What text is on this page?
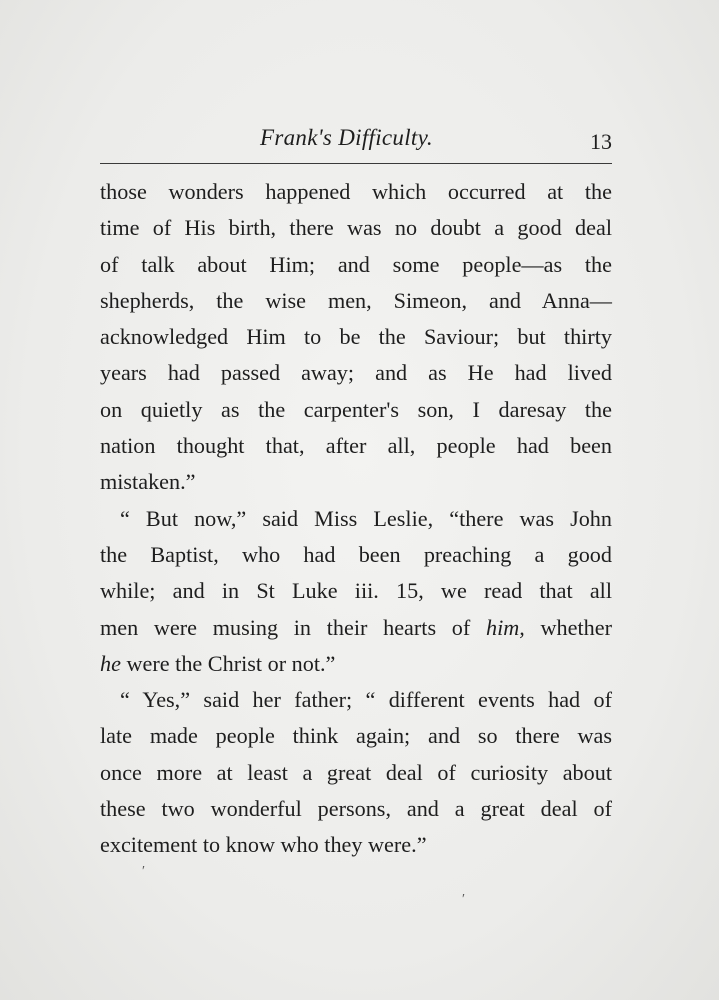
Frank's Difficulty.	13
those wonders happened which occurred at the
time of His birth, there was no doubt a good deal
of talk about Him; and some people—as the
shepherds, the wise men, Simeon, and Anna—
acknowledged Him to be the Saviour; but thirty
years had passed away; and as He had lived
on quietly as the carpenter's son, I daresay the
nation thought that, after all, people had been
mistaken.”
“ But now,” said Miss Leslie, “there was John
the Baptist, who had been preaching a good
while; and in St Luke iii. 15, we read that all
men were musing in their hearts of him, whether
he were the Christ or not.”
“ Yes,” said her father; “ different events had of
late made people think again; and so there was
once more at least a great deal of curiosity about
these two wonderful persons, and a great deal of
excitement to know who they were.”
′
′
